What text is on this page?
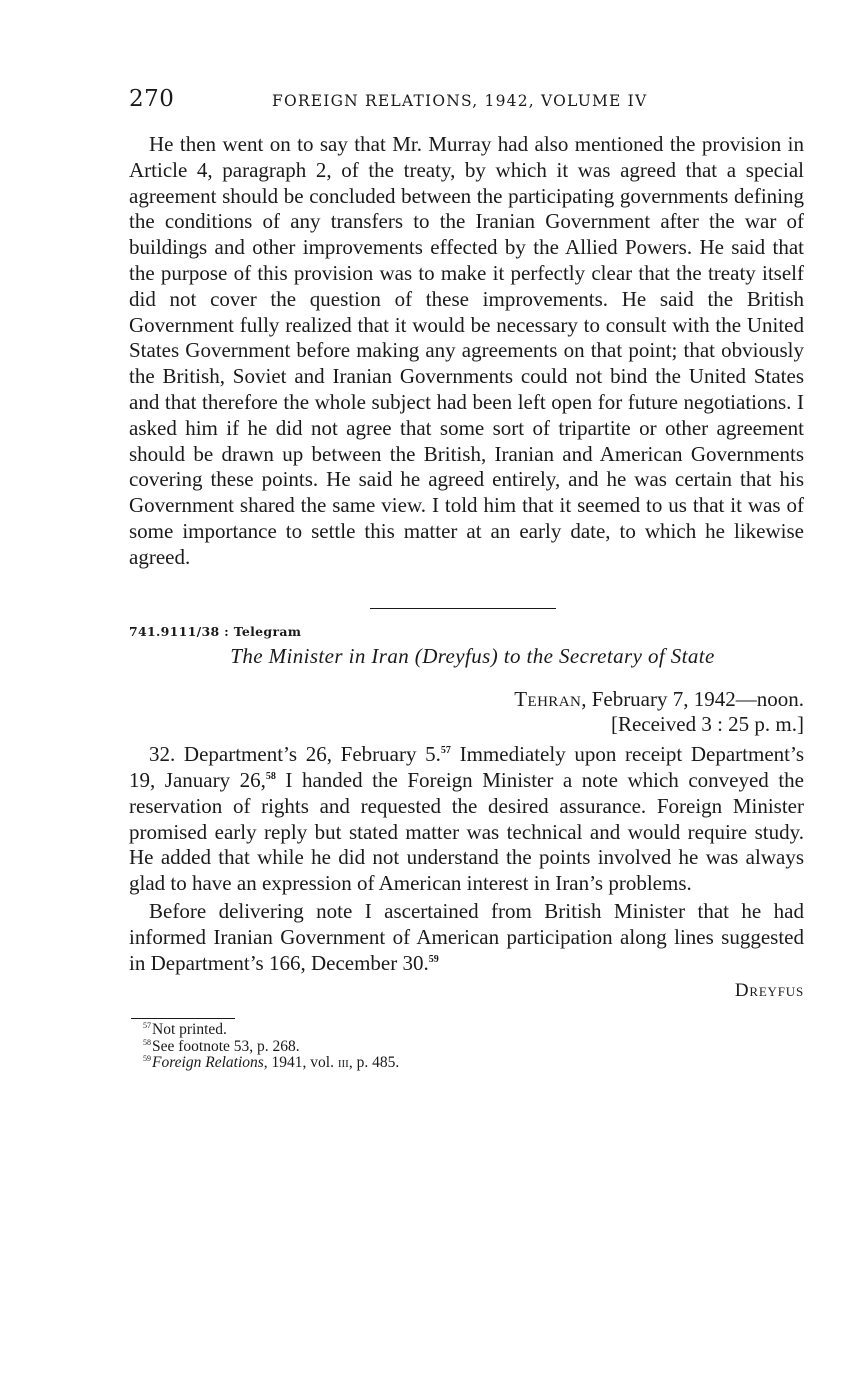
270	FOREIGN RELATIONS, 1942, VOLUME IV

He then went on to say that Mr. Murray had also mentioned the provision in Article 4, paragraph 2, of the treaty, by which it was agreed that a special agreement should be concluded between the participating governments defining the conditions of any transfers to the Iranian Government after the war of buildings and other improvements effected by the Allied Powers. He said that the purpose of this provision was to make it perfectly clear that the treaty itself did not cover the question of these improvements. He said the British Government fully realized that it would be necessary to consult with the United States Government before making any agreements on that point; that obviously the British, Soviet and Iranian Governments could not bind the United States and that therefore the whole subject had been left open for future negotiations. I asked him if he did not agree that some sort of tripartite or other agreement should be drawn up between the British, Iranian and American Governments covering these points. He said he agreed entirely, and he was certain that his Government shared the same view. I told him that it seemed to us that it was of some importance to settle this matter at an early date, to which he likewise agreed.

741.9111/38 : Telegram
The Minister in Iran (Dreyfus) to the Secretary of State
Tehran, February 7, 1942—noon.
[Received 3 : 25 p. m.]

32. Department’s 26, February 5.57 Immediately upon receipt Department’s 19, January 26,58 I handed the Foreign Minister a note which conveyed the reservation of rights and requested the desired assurance. Foreign Minister promised early reply but stated matter was technical and would require study. He added that while he did not understand the points involved he was always glad to have an expression of American interest in Iran’s problems.

Before delivering note I ascertained from British Minister that he had informed Iranian Government of American participation along lines suggested in Department’s 166, December 30.59

Dreyfus
$^{57}$Not printed.
$^{58}$See footnote 53, p. 268.
$^{59}$Foreign Relations, 1941, vol. iii, p. 485.
